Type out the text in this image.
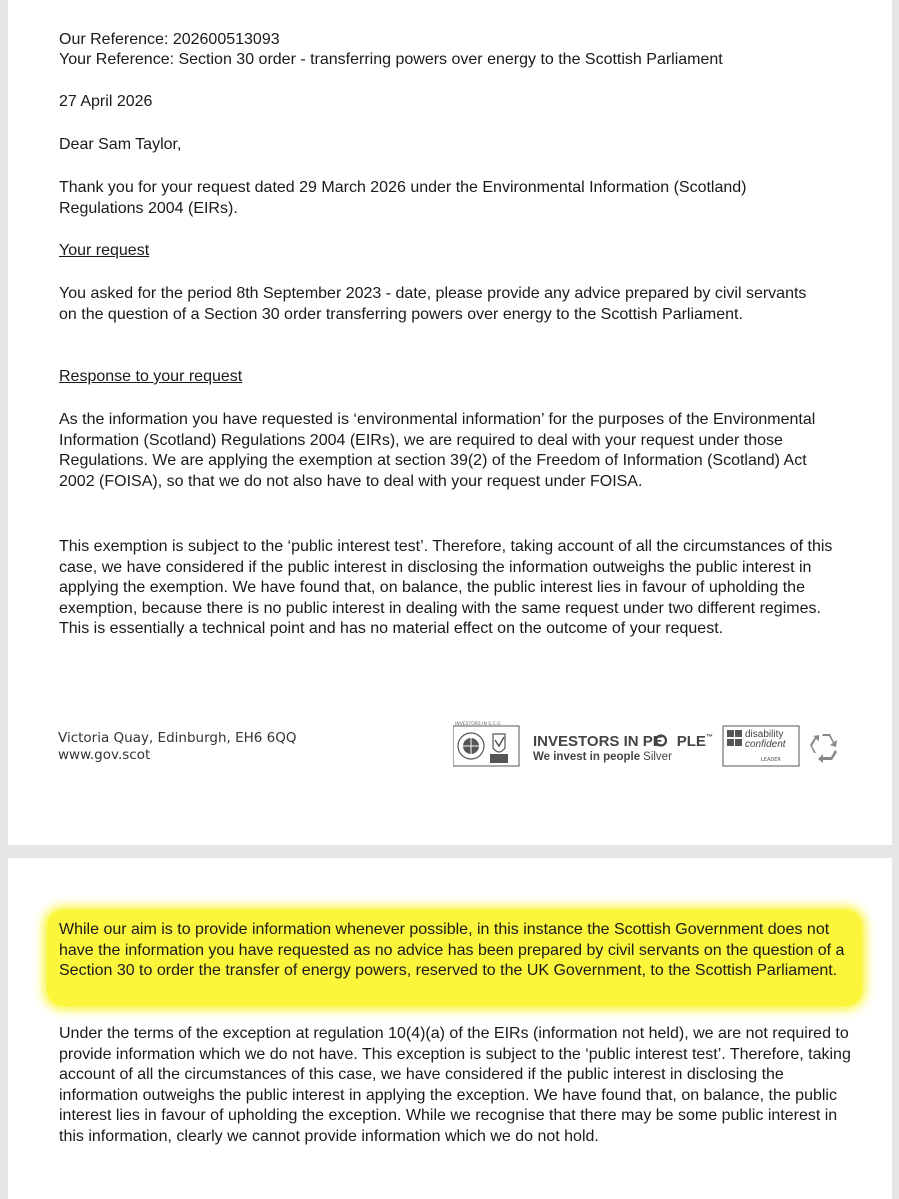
Our Reference: 202600513093

Your Reference: Section 30 order - transferring powers over energy to the Scottish Parliament

27 April 2026

Dear Sam Taylor,

Thank you for your request dated 29 March 2026 under the Environmental Information (Scotland) Regulations 2004 (EIRs).

Your request

You asked for the period 8th September 2023 - date, please provide any advice prepared by civil servants on the question of a Section 30 order transferring powers over energy to the Scottish Parliament.

Response to your request

As the information you have requested is ‘environmental information’ for the purposes of the Environmental Information (Scotland) Regulations 2004 (EIRs), we are required to deal with your request under those Regulations. We are applying the exemption at section 39(2) of the Freedom of Information (Scotland) Act 2002 (FOISA), so that we do not also have to deal with your request under FOISA.

This exemption is subject to the ‘public interest test’. Therefore, taking account of all the circumstances of this case, we have considered if the public interest in disclosing the information outweighs the public interest in applying the exemption. We have found that, on balance, the public interest lies in favour of upholding the exemption, because there is no public interest in dealing with the same request under two different regimes. This is essentially a technical point and has no material effect on the outcome of your request.

Victoria Quay, Edinburgh, EH6 6QQ
www.gov.scot
INVESTORS IN S.C.G
INVESTORS IN PE PLE™
We invest in people Silver
disability
confident
LEADER

While our aim is to provide information whenever possible, in this instance the Scottish Government does not have the information you have requested as no advice has been prepared by civil servants on the question of a Section 30 to order the transfer of energy powers, reserved to the UK Government, to the Scottish Parliament.

Under the terms of the exception at regulation 10(4)(a) of the EIRs (information not held), we are not required to provide information which we do not have. This exception is subject to the ‘public interest test’. Therefore, taking account of all the circumstances of this case, we have considered if the public interest in disclosing the information outweighs the public interest in applying the exception. We have found that, on balance, the public interest lies in favour of upholding the exception. While we recognise that there may be some public interest in this information, clearly we cannot provide information which we do not hold.
